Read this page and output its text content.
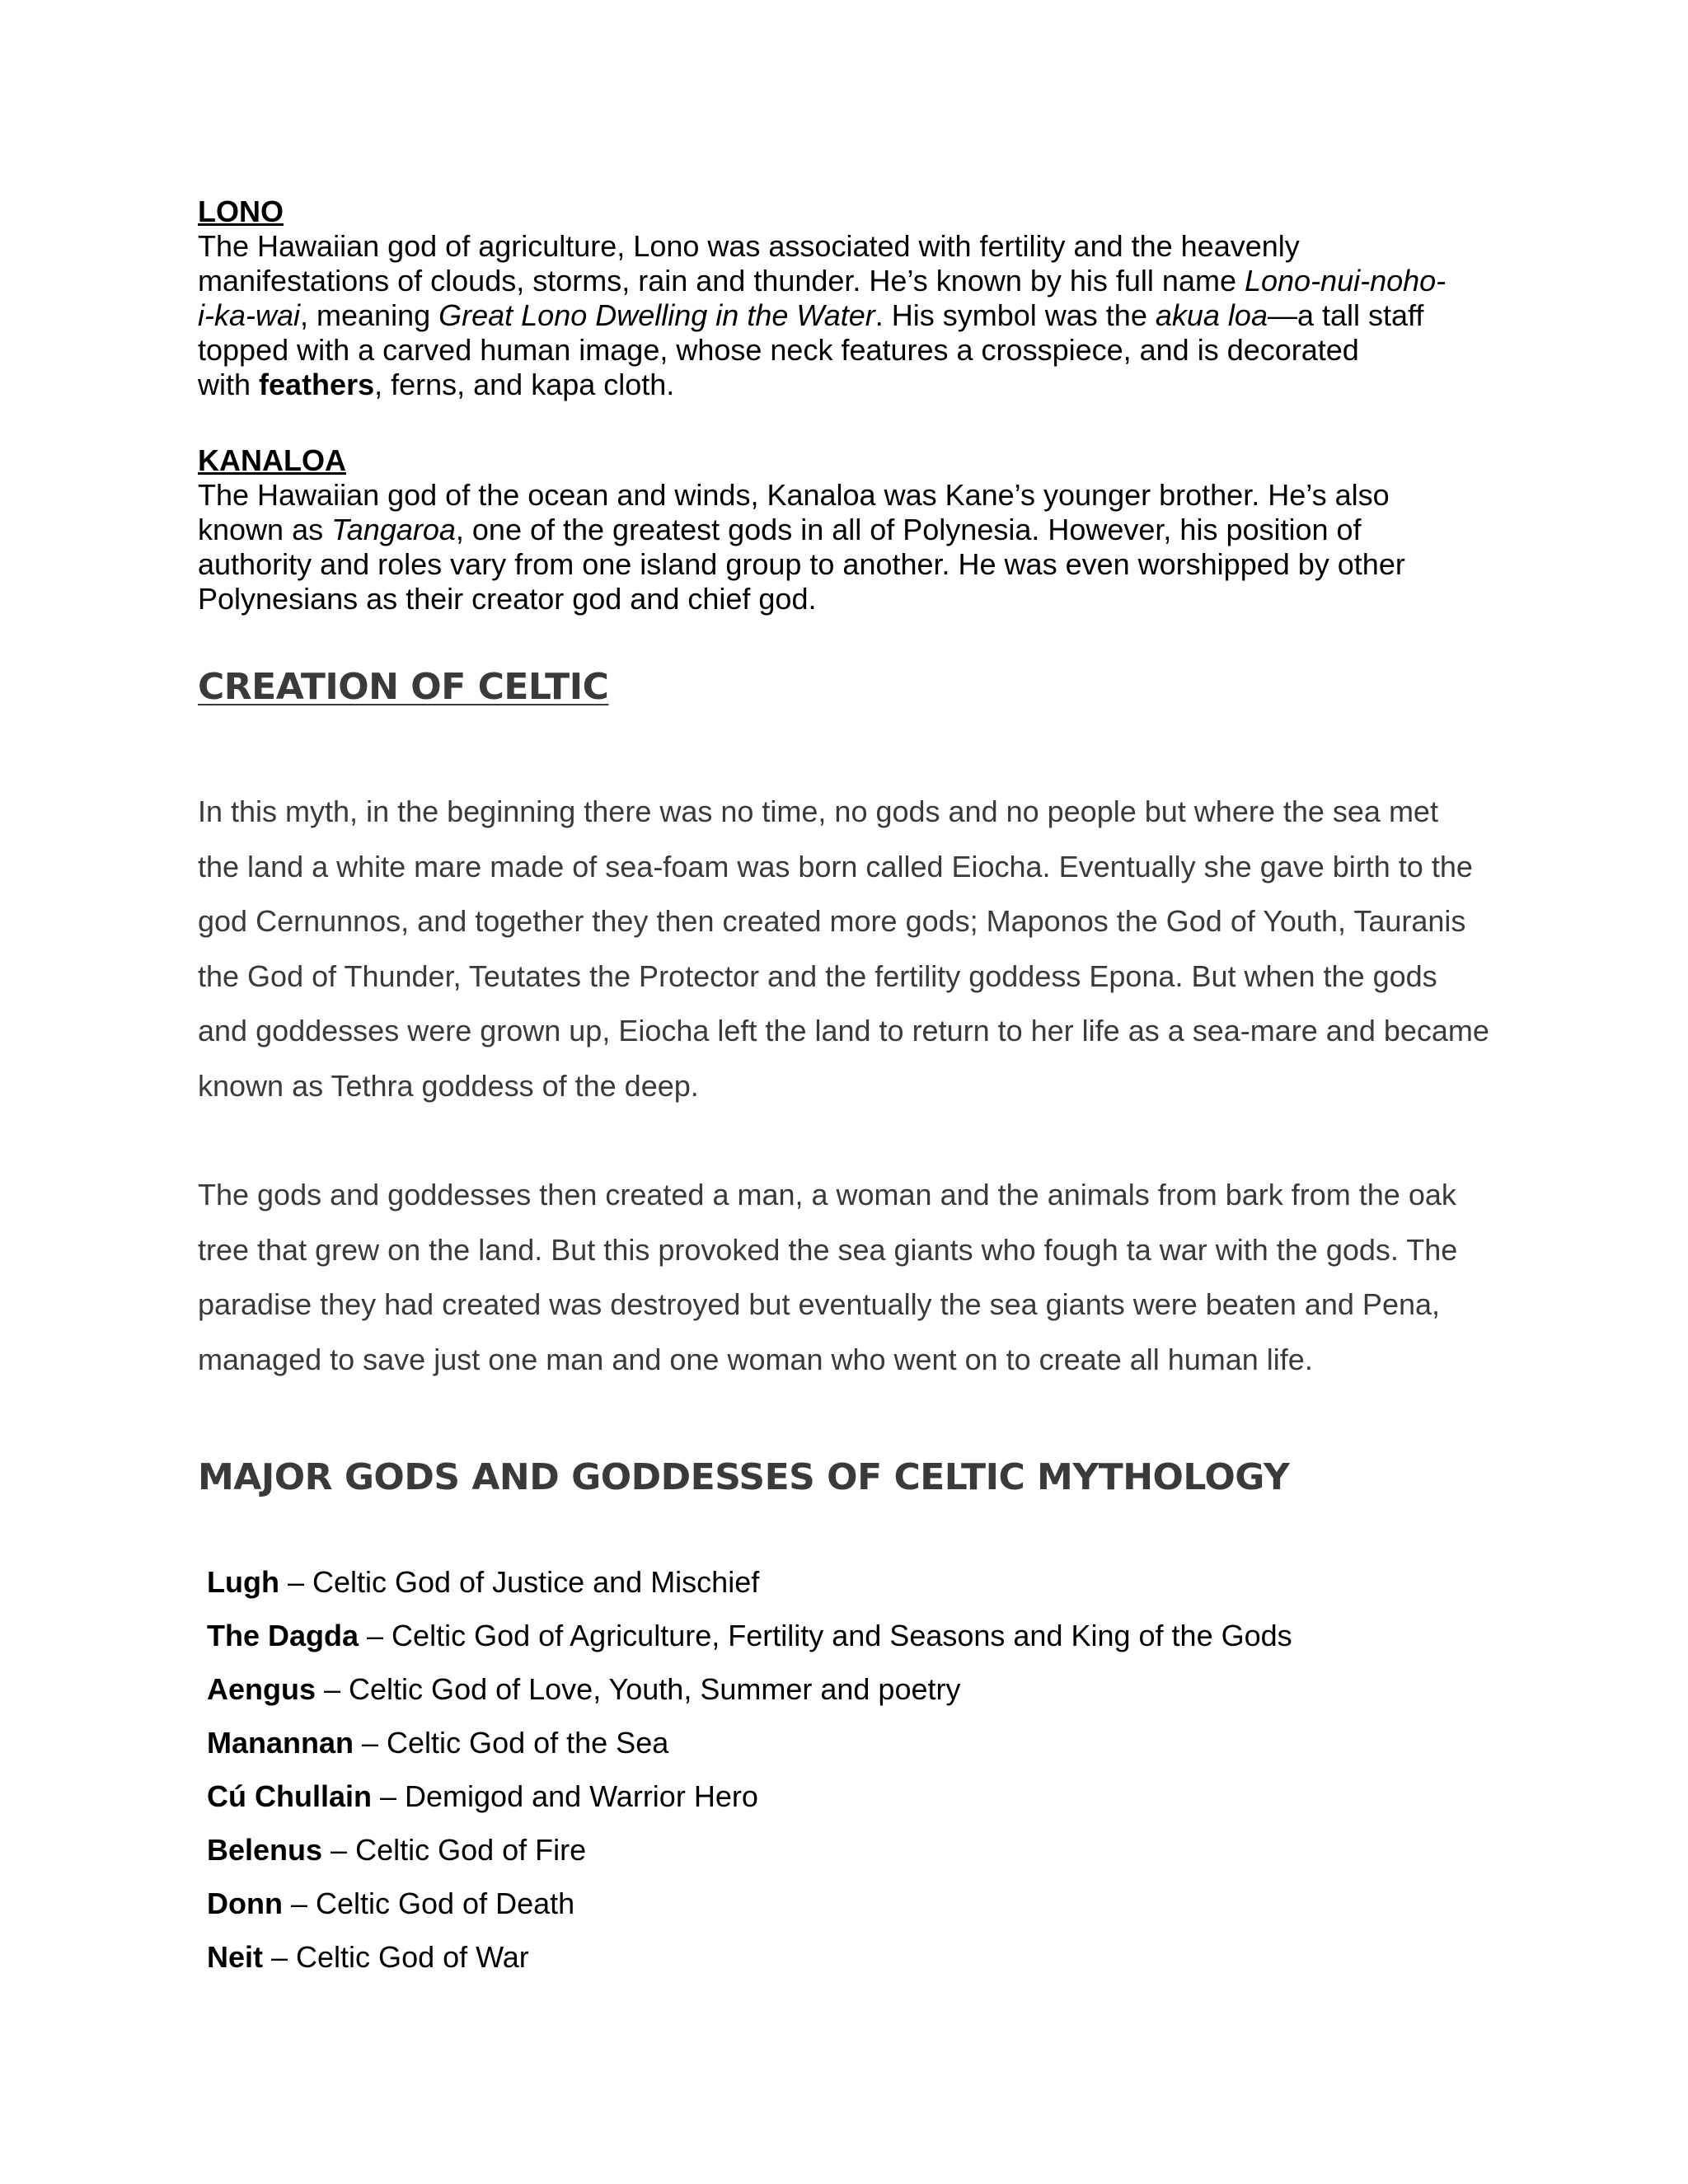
LONO

The Hawaiian god of agriculture, Lono was associated with fertility and the heavenly

manifestations of clouds, storms, rain and thunder. He’s known by his full name Lono-nui-noho-

i-ka-wai, meaning Great Lono Dwelling in the Water. His symbol was the akua loa—a tall staff

topped with a carved human image, whose neck features a crosspiece, and is decorated

with feathers, ferns, and kapa cloth.

KANALOA

The Hawaiian god of the ocean and winds, Kanaloa was Kane’s younger brother. He’s also

known as Tangaroa, one of the greatest gods in all of Polynesia. However, his position of

authority and roles vary from one island group to another. He was even worshipped by other

Polynesians as their creator god and chief god.

CREATION OF CELTIC

In this myth, in the beginning there was no time, no gods and no people but where the sea met

the land a white mare made of sea-foam was born called Eiocha. Eventually she gave birth to the

god Cernunnos, and together they then created more gods; Maponos the God of Youth, Tauranis

the God of Thunder, Teutates the Protector and the fertility goddess Epona. But when the gods

and goddesses were grown up, Eiocha left the land to return to her life as a sea-mare and became

known as Tethra goddess of the deep.

The gods and goddesses then created a man, a woman and the animals from bark from the oak

tree that grew on the land. But this provoked the sea giants who fough ta war with the gods. The

paradise they had created was destroyed but eventually the sea giants were beaten and Pena,

managed to save just one man and one woman who went on to create all human life.

MAJOR GODS AND GODDESSES OF CELTIC MYTHOLOGY
Lugh – Celtic God of Justice and Mischief
The Dagda – Celtic God of Agriculture, Fertility and Seasons and King of the Gods
Aengus – Celtic God of Love, Youth, Summer and poetry
Manannan – Celtic God of the Sea
Cú Chullain – Demigod and Warrior Hero
Belenus – Celtic God of Fire
Donn – Celtic God of Death
Neit – Celtic God of War
